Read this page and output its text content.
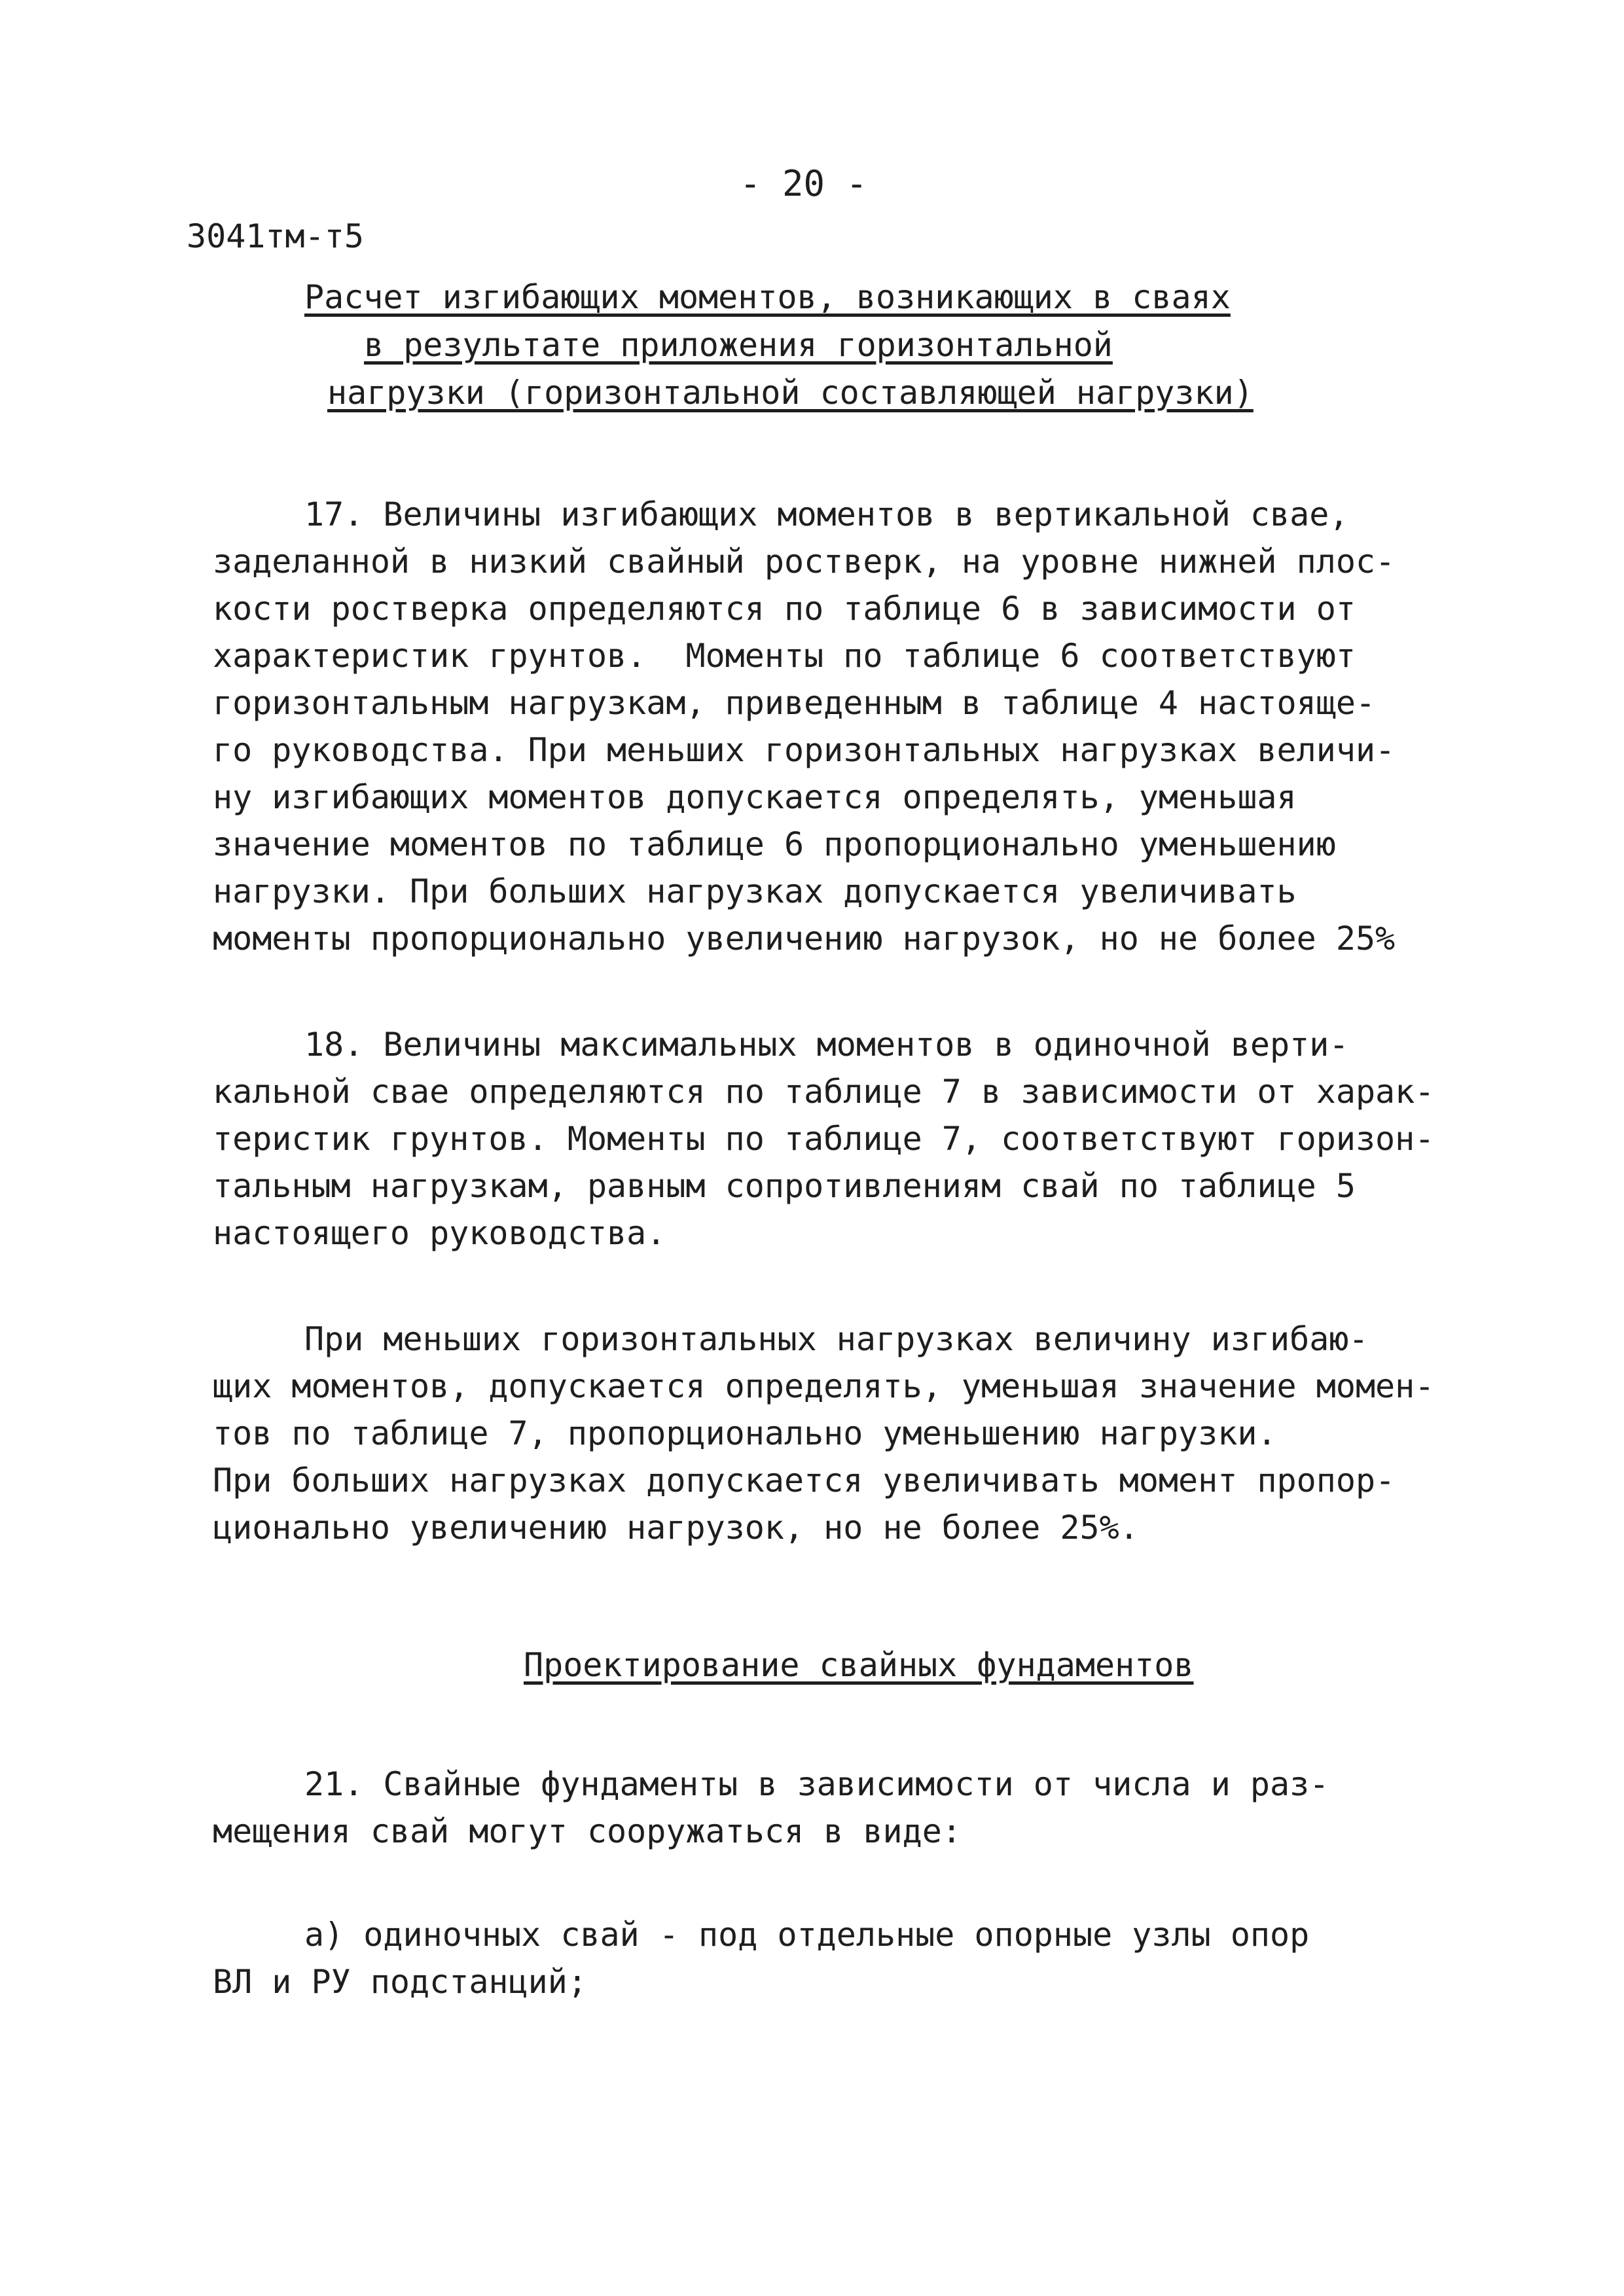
- 20 -
3041тм-т5
Расчет изгибающих моментов, возникающих в сваях
в результате приложения горизонтальной
нагрузки (горизонтальной составляющей нагрузки)
17. Величины изгибающих моментов в вертикальной свае,
заделанной в низкий свайный ростверк, на уровне нижней плос-
кости ростверка определяются по таблице 6 в зависимости от
характеристик грунтов.  Моменты по таблице 6 соответствуют
горизонтальным нагрузкам, приведенным в таблице 4 настояще-
го руководства. При меньших горизонтальных нагрузках величи-
ну изгибающих моментов допускается определять, уменьшая
значение моментов по таблице 6 пропорционально уменьшению
нагрузки. При больших нагрузках допускается увеличивать
моменты пропорционально увеличению нагрузок, но не более 25%
18. Величины максимальных моментов в одиночной верти-
кальной свае определяются по таблице 7 в зависимости от харак-
теристик грунтов. Моменты по таблице 7, соответствуют горизон-
тальным нагрузкам, равным сопротивлениям свай по таблице 5
настоящего руководства.
При меньших горизонтальных нагрузках величину изгибаю-
щих моментов, допускается определять, уменьшая значение момен-
тов по таблице 7, пропорционально уменьшению нагрузки.
При больших нагрузках допускается увеличивать момент пропор-
ционально увеличению нагрузок, но не более 25%.
Проектирование свайных фундаментов
21. Свайные фундаменты в зависимости от числа и раз-
мещения свай могут сооружаться в виде:
а) одиночных свай - под отдельные опорные узлы опор
ВЛ и РУ подстанций;
